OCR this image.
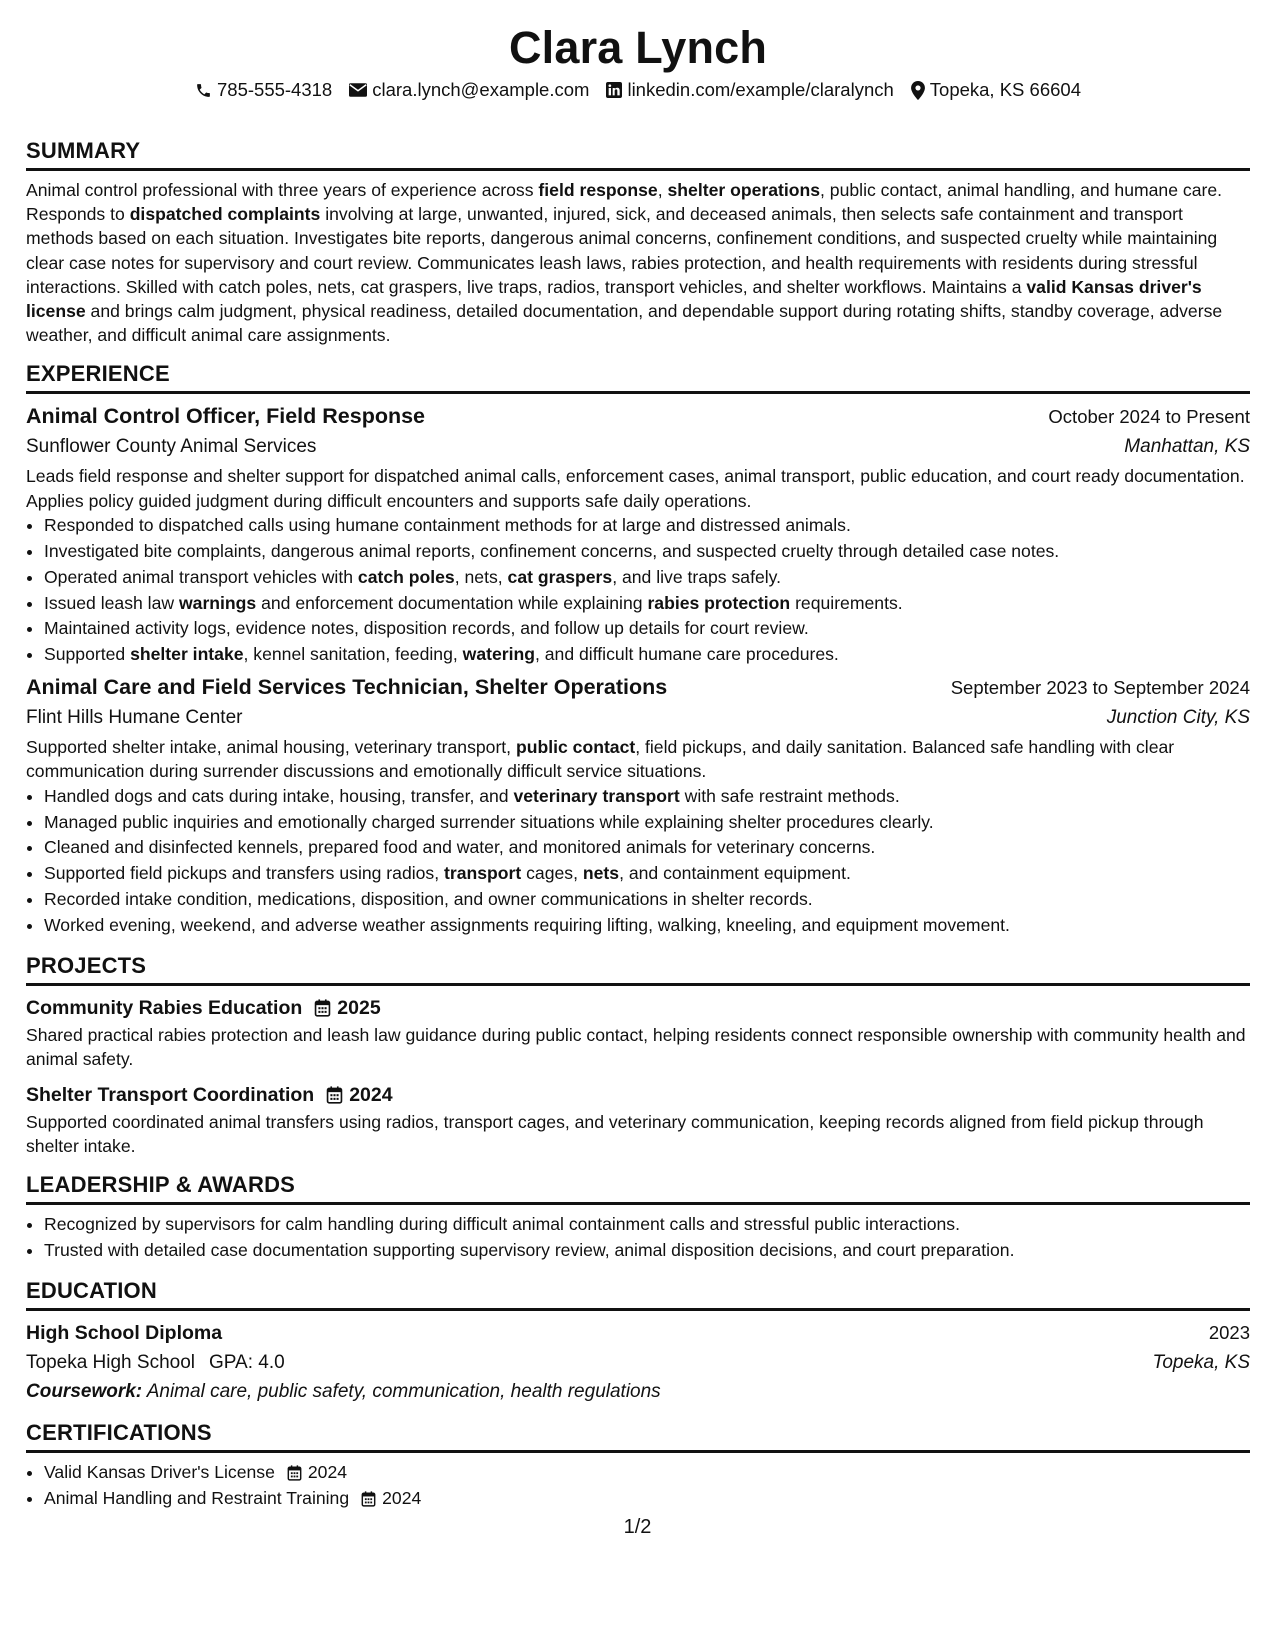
Clara Lynch
785-555-4318 clara.lynch@example.com linkedin.com/example/claralynch Topeka, KS 66604
SUMMARY

Animal control professional with three years of experience across field response, shelter operations, public contact, animal handling, and humane care. Responds to dispatched complaints involving at large, unwanted, injured, sick, and deceased animals, then selects safe containment and transport methods based on each situation. Investigates bite reports, dangerous animal concerns, confinement conditions, and suspected cruelty while maintaining clear case notes for supervisory and court review. Communicates leash laws, rabies protection, and health requirements with residents during stressful interactions. Skilled with catch poles, nets, cat graspers, live traps, radios, transport vehicles, and shelter workflows. Maintains a valid Kansas driver's license and brings calm judgment, physical readiness, detailed documentation, and dependable support during rotating shifts, standby coverage, adverse weather, and difficult animal care assignments.

EXPERIENCE
Animal Control Officer, Field Response	October 2024 to Present
Sunflower County Animal Services	Manhattan, KS

Leads field response and shelter support for dispatched animal calls, enforcement cases, animal transport, public education, and court ready documentation. Applies policy guided judgment during difficult encounters and supports safe daily operations.

• Responded to dispatched calls using humane containment methods for at large and distressed animals.
• Investigated bite complaints, dangerous animal reports, confinement concerns, and suspected cruelty through detailed case notes.
• Operated animal transport vehicles with catch poles, nets, cat graspers, and live traps safely.
• Issued leash law warnings and enforcement documentation while explaining rabies protection requirements.
• Maintained activity logs, evidence notes, disposition records, and follow up details for court review.
• Supported shelter intake, kennel sanitation, feeding, watering, and difficult humane care procedures.
Animal Care and Field Services Technician, Shelter Operations	September 2023 to September 2024
Flint Hills Humane Center	Junction City, KS

Supported shelter intake, animal housing, veterinary transport, public contact, field pickups, and daily sanitation. Balanced safe handling with clear communication during surrender discussions and emotionally difficult service situations.

• Handled dogs and cats during intake, housing, transfer, and veterinary transport with safe restraint methods.
• Managed public inquiries and emotionally charged surrender situations while explaining shelter procedures clearly.
• Cleaned and disinfected kennels, prepared food and water, and monitored animals for veterinary concerns.
• Supported field pickups and transfers using radios, transport cages, nets, and containment equipment.
• Recorded intake condition, medications, disposition, and owner communications in shelter records.
• Worked evening, weekend, and adverse weather assignments requiring lifting, walking, kneeling, and equipment movement.
PROJECTS
Community Rabies Education 2025

Shared practical rabies protection and leash law guidance during public contact, helping residents connect responsible ownership with community health and animal safety.

Shelter Transport Coordination 2024

Supported coordinated animal transfers using radios, transport cages, and veterinary communication, keeping records aligned from field pickup through shelter intake.

LEADERSHIP & AWARDS
• Recognized by supervisors for calm handling during difficult animal containment calls and stressful public interactions.
• Trusted with detailed case documentation supporting supervisory review, animal disposition decisions, and court preparation.
EDUCATION
High School Diploma	2023
Topeka High School GPA: 4.0	Topeka, KS
Coursework: Animal care, public safety, communication, health regulations
CERTIFICATIONS
• Valid Kansas Driver's License 2024
• Animal Handling and Restraint Training 2024
1/2
